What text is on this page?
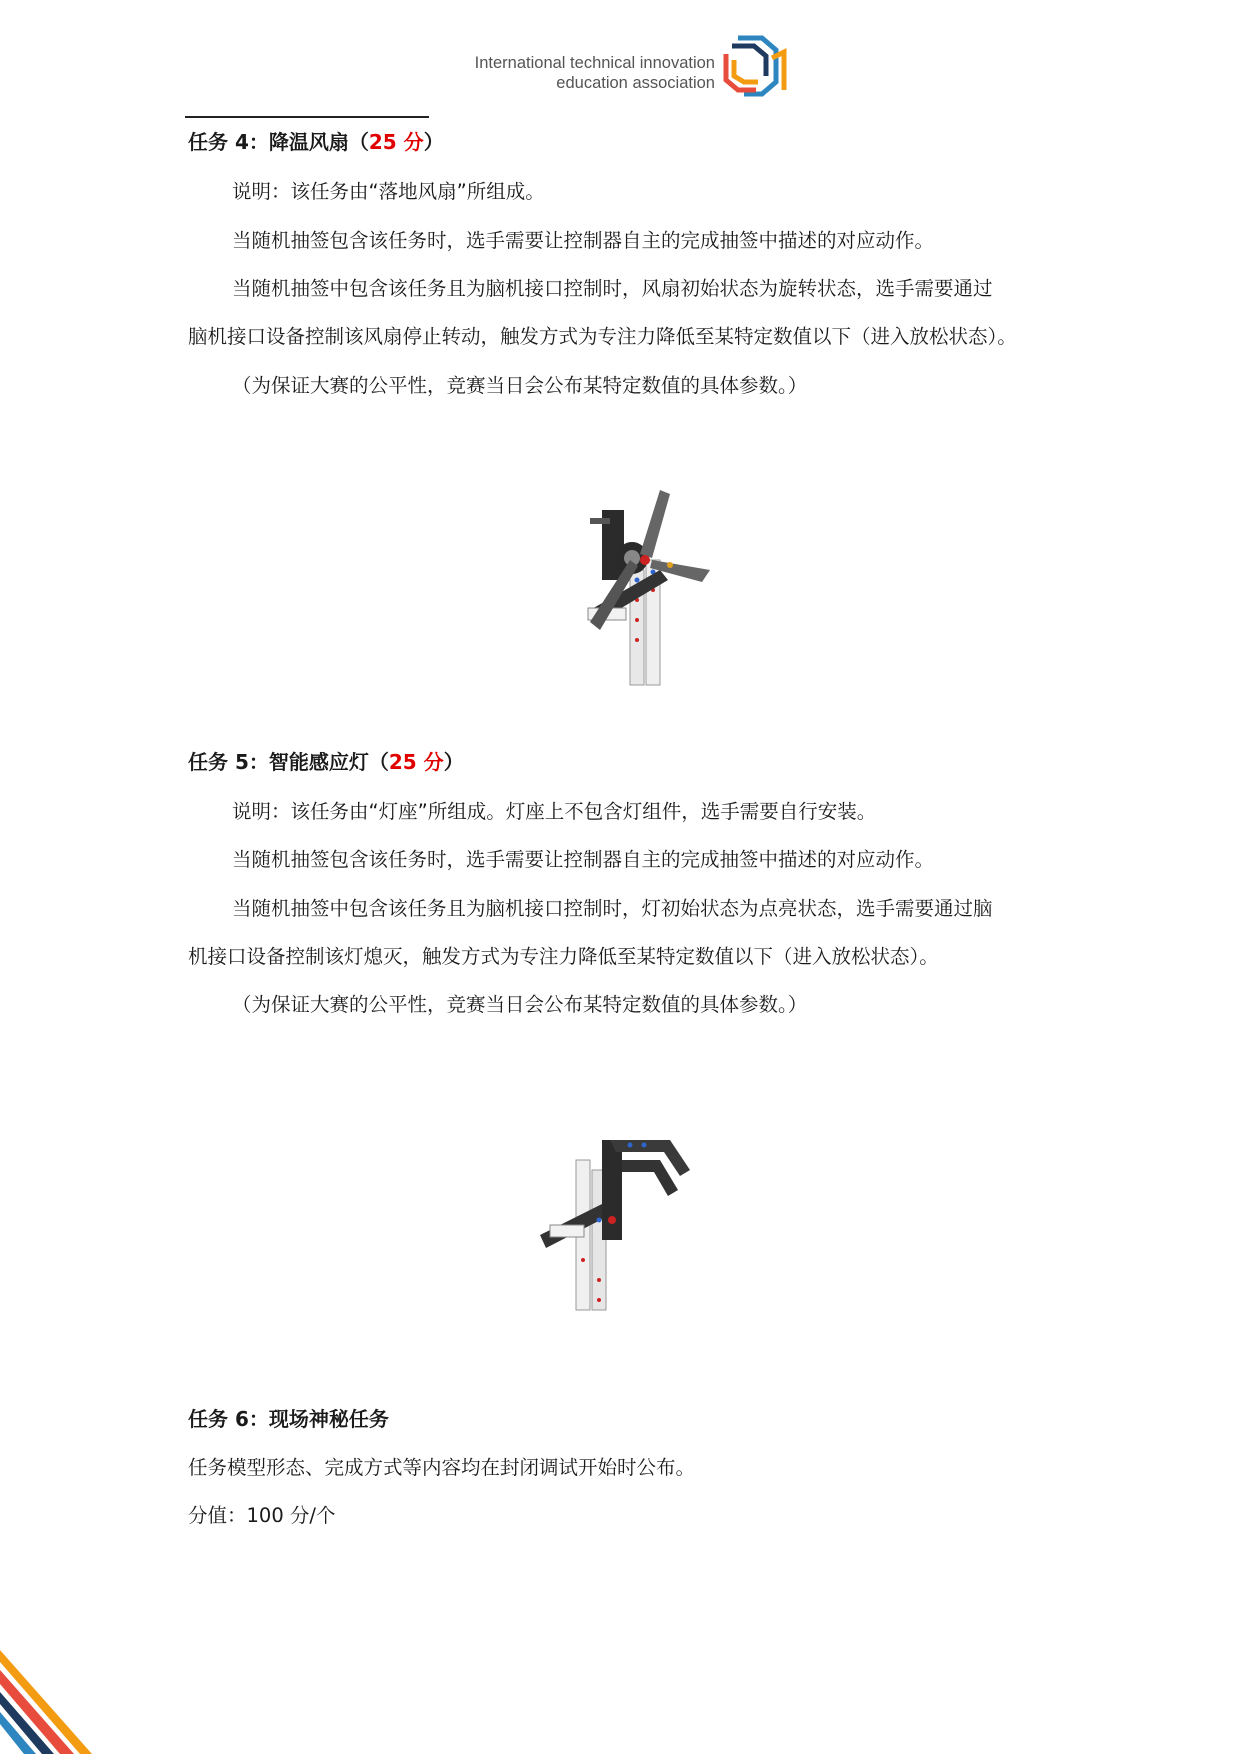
International technical innovation
education association
任务 4：降温风扇（25 分）
说明：该任务由“落地风扇”所组成。
当随机抽签包含该任务时，选手需要让控制器自主的完成抽签中描述的对应动作。
当随机抽签中包含该任务且为脑机接口控制时，风扇初始状态为旋转状态，选手需要通过
脑机接口设备控制该风扇停止转动，触发方式为专注力降低至某特定数值以下（进入放松状态）。
（为保证大赛的公平性，竞赛当日会公布某特定数值的具体参数。）
任务 5：智能感应灯（25 分）
说明：该任务由“灯座”所组成。灯座上不包含灯组件，选手需要自行安装。
当随机抽签包含该任务时，选手需要让控制器自主的完成抽签中描述的对应动作。
当随机抽签中包含该任务且为脑机接口控制时，灯初始状态为点亮状态，选手需要通过脑
机接口设备控制该灯熄灭，触发方式为专注力降低至某特定数值以下（进入放松状态）。
（为保证大赛的公平性，竞赛当日会公布某特定数值的具体参数。）
任务 6：现场神秘任务
任务模型形态、完成方式等内容均在封闭调试开始时公布。
分值：100 分/个
